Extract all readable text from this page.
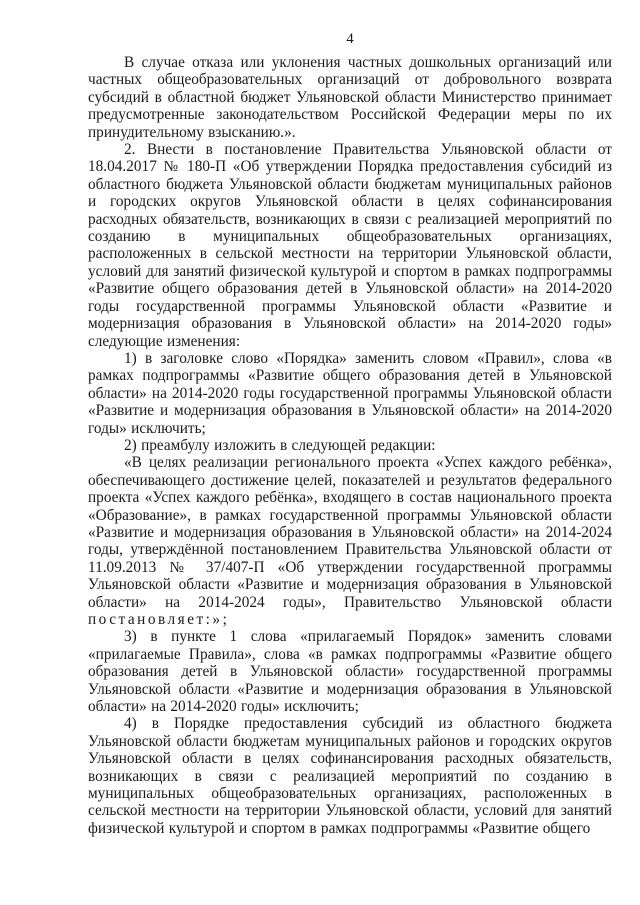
4

В случае отказа или уклонения частных дошкольных организаций или частных общеобразовательных организаций от добровольного возврата субсидий в областной бюджет Ульяновской области Министерство принимает предусмотренные законодательством Российской Федерации меры по их принудительному взысканию.».

2. Внести в постановление Правительства Ульяновской области от 18.04.2017 № 180-П «Об утверждении Порядка предоставления субсидий из областного бюджета Ульяновской области бюджетам муниципальных районов и городских округов Ульяновской области в целях софинансирования расходных обязательств, возникающих в связи с реализацией мероприятий по созданию в муниципальных общеобразовательных организациях, расположенных в сельской местности на территории Ульяновской области, условий для занятий физической культурой и спортом в рамках подпрограммы «Развитие общего образования детей в Ульяновской области» на 2014-2020 годы государственной программы Ульяновской области «Развитие и модернизация образования в Ульяновской области» на 2014-2020 годы» следующие изменения:

1) в заголовке слово «Порядка» заменить словом «Правил», слова «в рамках подпрограммы «Развитие общего образования детей в Ульяновской области» на 2014-2020 годы государственной программы Ульяновской области «Развитие и модернизация образования в Ульяновской области» на 2014-2020 годы» исключить;

2) преамбулу изложить в следующей редакции:

«В целях реализации регионального проекта «Успех каждого ребёнка», обеспечивающего достижение целей, показателей и результатов федерального проекта «Успех каждого ребёнка», входящего в состав национального проекта «Образование», в рамках государственной программы Ульяновской области «Развитие и модернизация образования в Ульяновской области» на 2014-2024 годы, утверждённой постановлением Правительства Ульяновской области от 11.09.2013 № 37/407-П «Об утверждении государственной программы Ульяновской области «Развитие и модернизация образования в Ульяновской области» на 2014-2024 годы», Правительство Ульяновской области постановляет:»;

3) в пункте 1 слова «прилагаемый Порядок» заменить словами «прилагаемые Правила», слова «в рамках подпрограммы «Развитие общего образования детей в Ульяновской области» государственной программы Ульяновской области «Развитие и модернизация образования в Ульяновской области» на 2014-2020 годы» исключить;

4) в Порядке предоставления субсидий из областного бюджета Ульяновской области бюджетам муниципальных районов и городских округов Ульяновской области в целях софинансирования расходных обязательств, возникающих в связи с реализацией мероприятий по созданию в муниципальных общеобразовательных организациях, расположенных в сельской местности на территории Ульяновской области, условий для занятий физической культурой и спортом в рамках подпрограммы «Развитие общего
